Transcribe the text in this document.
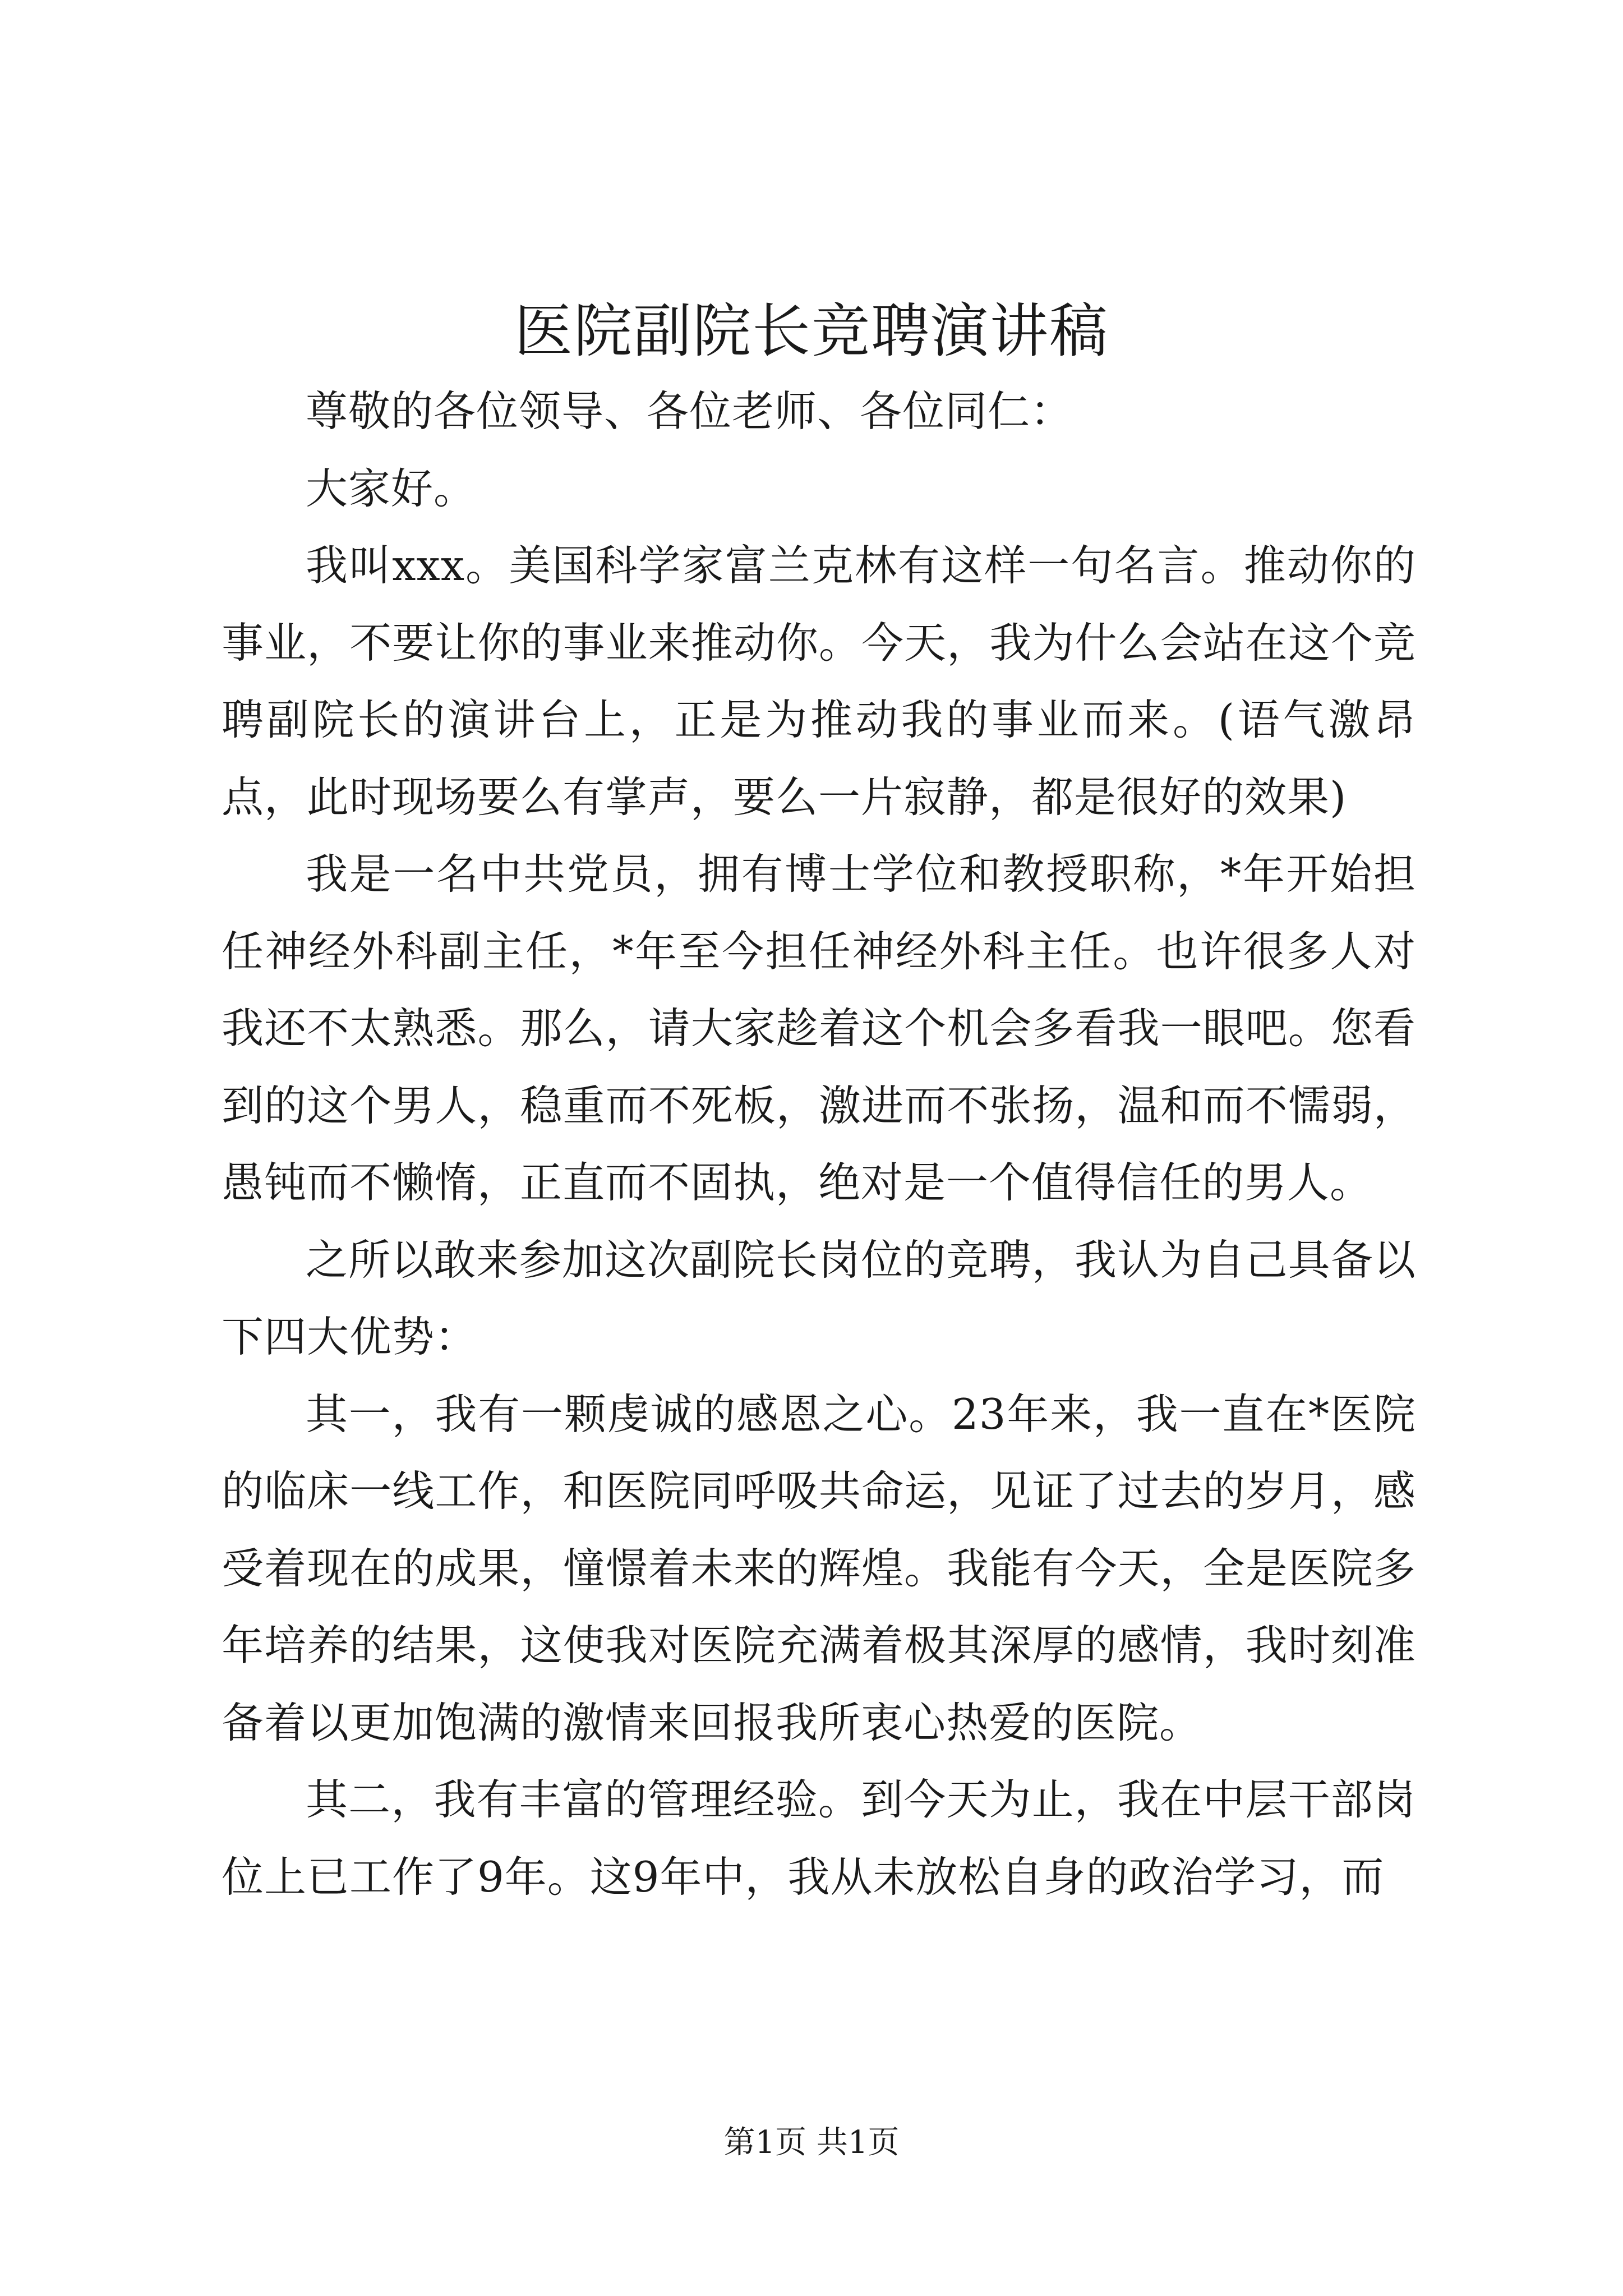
医院副院长竞聘演讲稿

尊敬的各位领导、各位老师、各位同仁：

大家好。

我叫xxx。美国科学家富兰克林有这样一句名言。推动你的事业，不要让你的事业来推动你。今天，我为什么会站在这个竞聘副院长的演讲台上，正是为推动我的事业而来。(语气激昂点，此时现场要么有掌声，要么一片寂静，都是很好的效果)

我是一名中共党员，拥有博士学位和教授职称，*年开始担任神经外科副主任，*年至今担任神经外科主任。也许很多人对我还不太熟悉。那么，请大家趁着这个机会多看我一眼吧。您看到的这个男人，稳重而不死板，激进而不张扬，温和而不懦弱，愚钝而不懒惰，正直而不固执，绝对是一个值得信任的男人。

之所以敢来参加这次副院长岗位的竞聘，我认为自己具备以下四大优势：

其一，我有一颗虔诚的感恩之心。23年来，我一直在*医院的临床一线工作，和医院同呼吸共命运，见证了过去的岁月，感受着现在的成果，憧憬着未来的辉煌。我能有今天，全是医院多年培养的结果，这使我对医院充满着极其深厚的感情，我时刻准备着以更加饱满的激情来回报我所衷心热爱的医院。

其二，我有丰富的管理经验。到今天为止，我在中层干部岗位上已工作了9年。这9年中，我从未放松自身的政治学习，而

第1页 共1页
